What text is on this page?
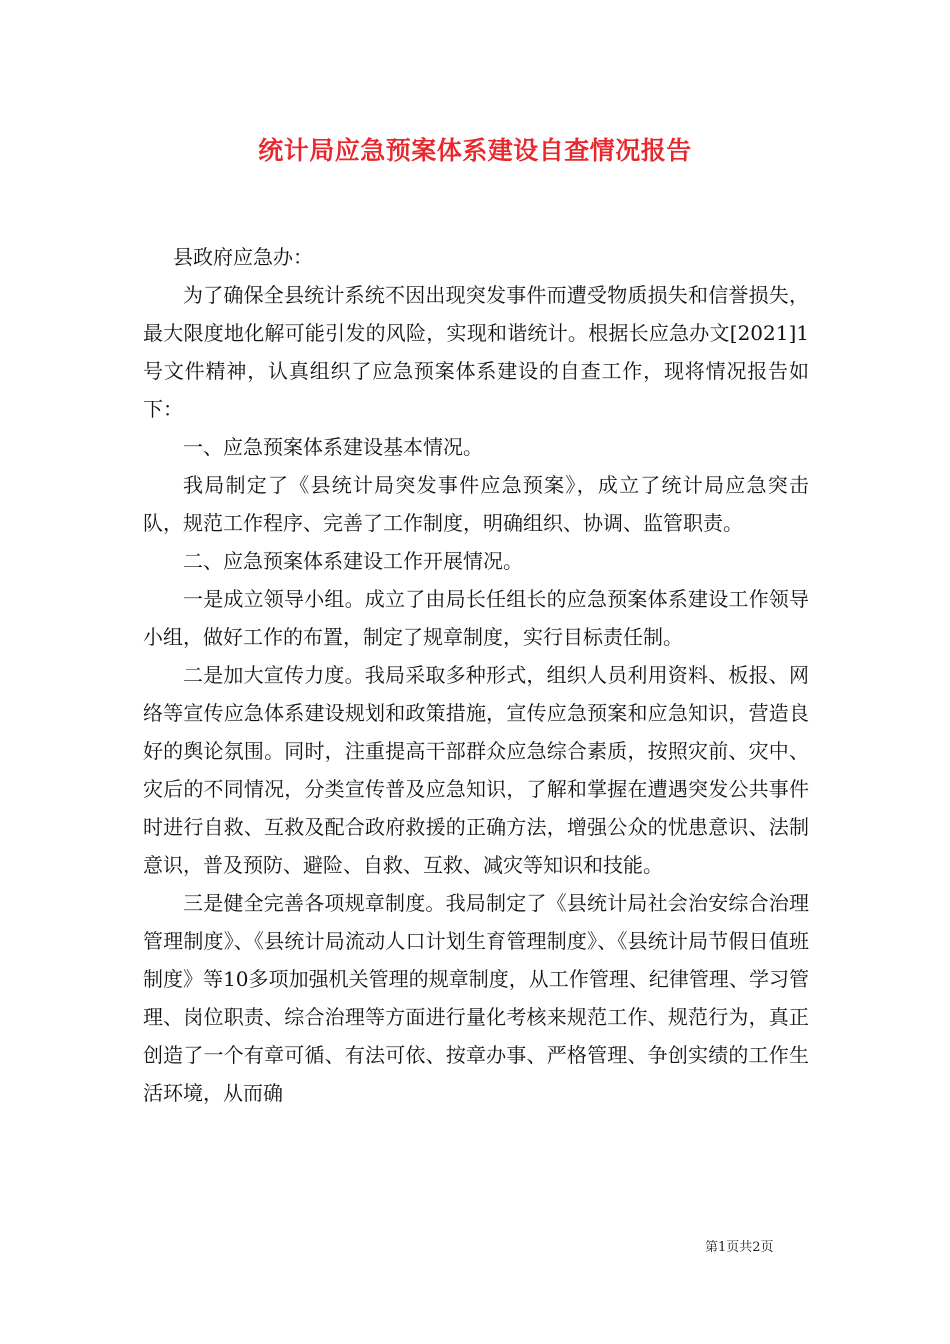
统计局应急预案体系建设自查情况报告

县政府应急办：

为了确保全县统计系统不因出现突发事件而遭受物质损失和信誉损失，最大限度地化解可能引发的风险，实现和谐统计。根据长应急办文[2021]1号文件精神，认真组织了应急预案体系建设的自查工作，现将情况报告如下：

一、应急预案体系建设基本情况。

我局制定了《县统计局突发事件应急预案》，成立了统计局应急突击队，规范工作程序、完善了工作制度，明确组织、协调、监管职责。

二、应急预案体系建设工作开展情况。

一是成立领导小组。成立了由局长任组长的应急预案体系建设工作领导小组，做好工作的布置，制定了规章制度，实行目标责任制。

二是加大宣传力度。我局采取多种形式，组织人员利用资料、板报、网络等宣传应急体系建设规划和政策措施，宣传应急预案和应急知识，营造良好的舆论氛围。同时，注重提高干部群众应急综合素质，按照灾前、灾中、灾后的不同情况，分类宣传普及应急知识，了解和掌握在遭遇突发公共事件时进行自救、互救及配合政府救援的正确方法，增强公众的忧患意识、法制意识，普及预防、避险、自救、互救、减灾等知识和技能。

三是健全完善各项规章制度。我局制定了《县统计局社会治安综合治理管理制度》、《县统计局流动人口计划生育管理制度》、《县统计局节假日值班制度》等10多项加强机关管理的规章制度，从工作管理、纪律管理、学习管理、岗位职责、综合治理等方面进行量化考核来规范工作、规范行为，真正创造了一个有章可循、有法可依、按章办事、严格管理、争创实绩的工作生活环境，从而确

第1页共2页
